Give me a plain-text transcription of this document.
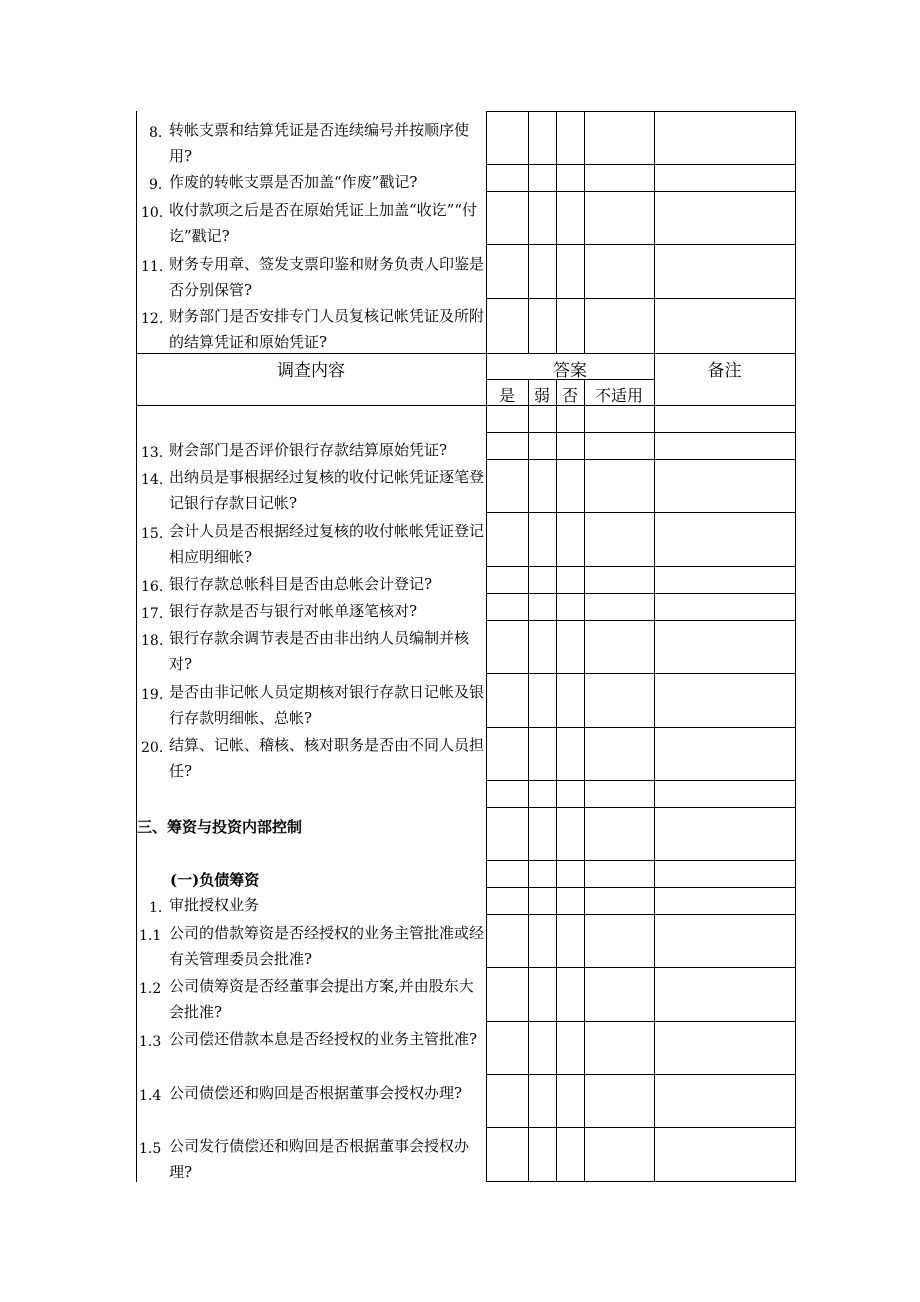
调查内容	答案	备注
是	弱 否	不适用
8. 转帐支票和结算凭证是否连续编号并按顺序使用?
9. 作废的转帐支票是否加盖“作废”戳记?
10. 收付款项之后是否在原始凭证上加盖“收讫”“付讫”戳记?
11. 财务专用章、签发支票印鉴和财务负责人印鉴是否分别保管?
12. 财务部门是否安排专门人员复核记帐凭证及所附的结算凭证和原始凭证?
13. 财会部门是否评价银行存款结算原始凭证?
14. 出纳员是事根据经过复核的收付记帐凭证逐笔登记银行存款日记帐?
15. 会计人员是否根据经过复核的收付帐帐凭证登记相应明细帐?
16. 银行存款总帐科目是否由总帐会计登记?
17. 银行存款是否与银行对帐单逐笔核对?
18. 银行存款余调节表是否由非出纳人员编制并核对?
19. 是否由非记帐人员定期核对银行存款日记帐及银行存款明细帐、总帐?
20. 结算、记帐、稽核、核对职务是否由不同人员担任?
三、筹资与投资内部控制
(一)负债筹资
1. 审批授权业务
1.1 公司的借款筹资是否经授权的业务主管批准或经有关管理委员会批准?
1.2 公司债筹资是否经董事会提出方案,并由股东大会批准?
1.3 公司偿还借款本息是否经授权的业务主管批准?
1.4 公司债偿还和购回是否根据董事会授权办理?
1.5 公司发行债偿还和购回是否根据董事会授权办理?
